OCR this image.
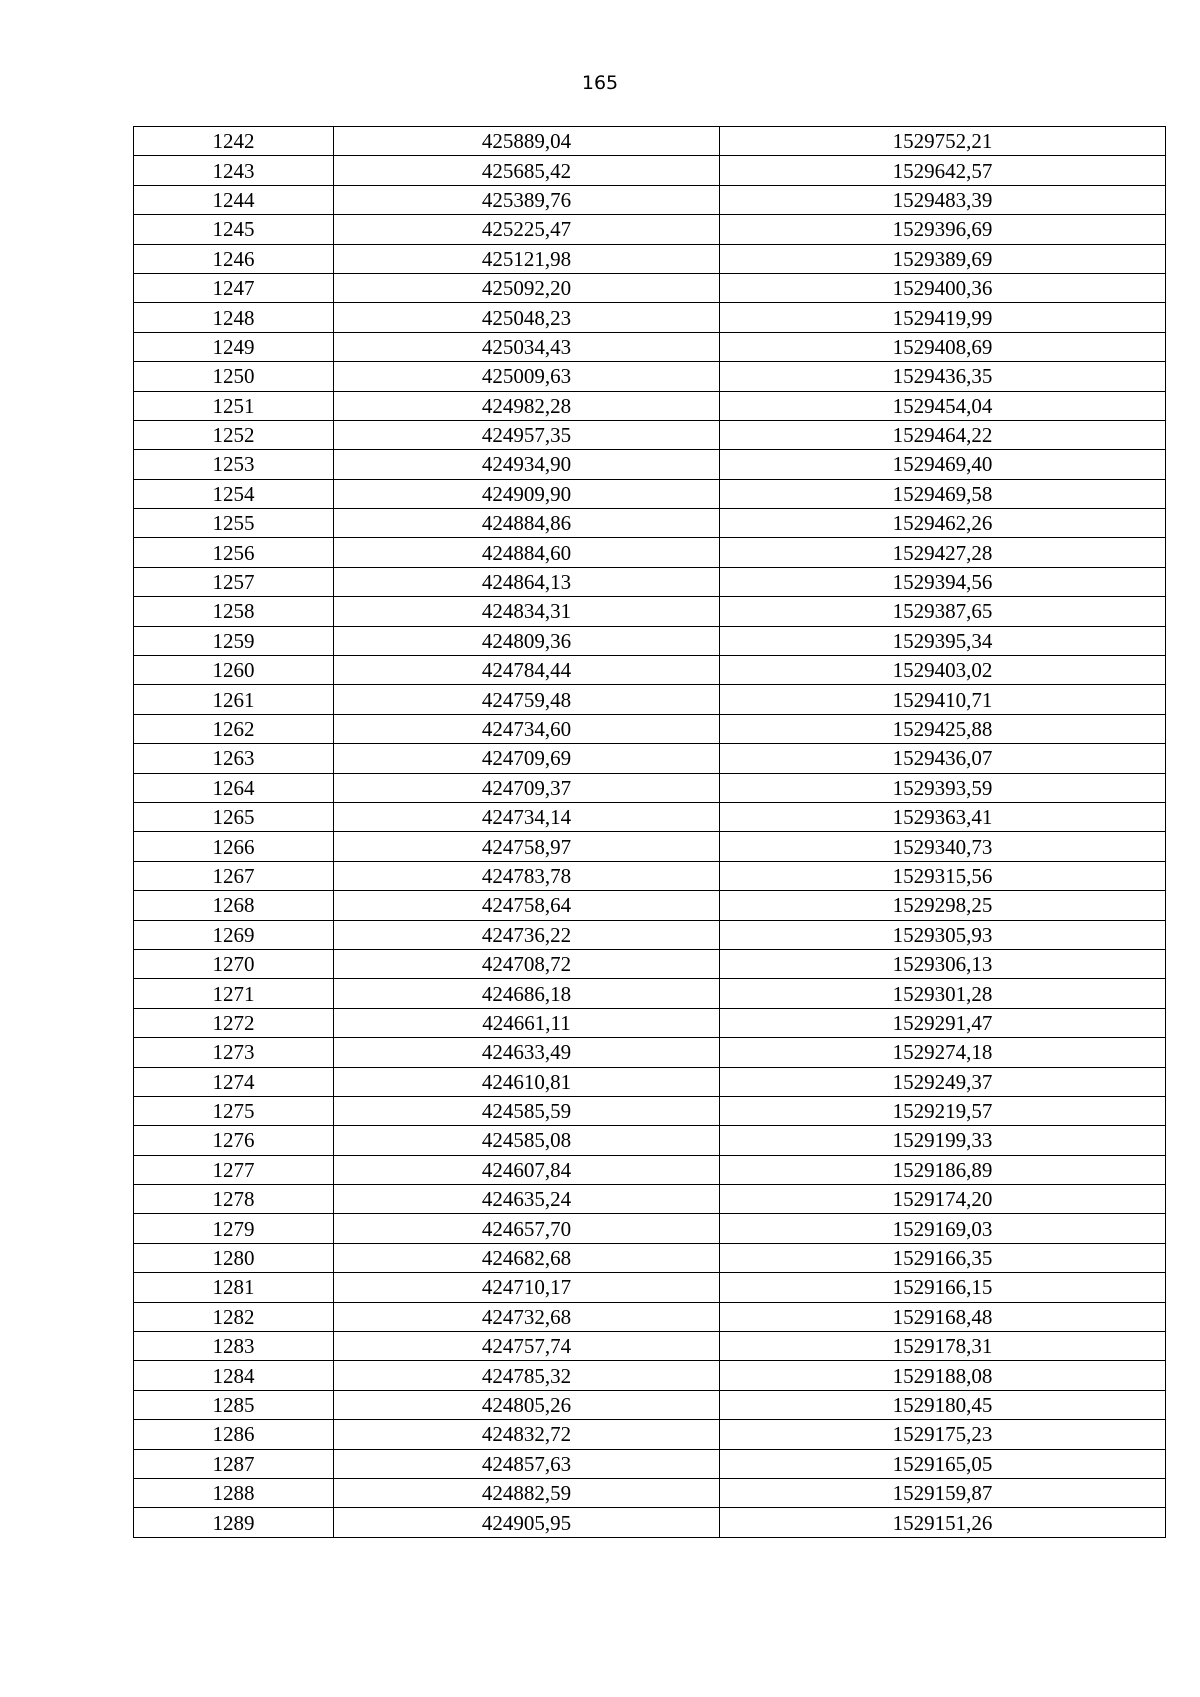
165
1242	425889,04	1529752,21
1243	425685,42	1529642,57
1244	425389,76	1529483,39
1245	425225,47	1529396,69
1246	425121,98	1529389,69
1247	425092,20	1529400,36
1248	425048,23	1529419,99
1249	425034,43	1529408,69
1250	425009,63	1529436,35
1251	424982,28	1529454,04
1252	424957,35	1529464,22
1253	424934,90	1529469,40
1254	424909,90	1529469,58
1255	424884,86	1529462,26
1256	424884,60	1529427,28
1257	424864,13	1529394,56
1258	424834,31	1529387,65
1259	424809,36	1529395,34
1260	424784,44	1529403,02
1261	424759,48	1529410,71
1262	424734,60	1529425,88
1263	424709,69	1529436,07
1264	424709,37	1529393,59
1265	424734,14	1529363,41
1266	424758,97	1529340,73
1267	424783,78	1529315,56
1268	424758,64	1529298,25
1269	424736,22	1529305,93
1270	424708,72	1529306,13
1271	424686,18	1529301,28
1272	424661,11	1529291,47
1273	424633,49	1529274,18
1274	424610,81	1529249,37
1275	424585,59	1529219,57
1276	424585,08	1529199,33
1277	424607,84	1529186,89
1278	424635,24	1529174,20
1279	424657,70	1529169,03
1280	424682,68	1529166,35
1281	424710,17	1529166,15
1282	424732,68	1529168,48
1283	424757,74	1529178,31
1284	424785,32	1529188,08
1285	424805,26	1529180,45
1286	424832,72	1529175,23
1287	424857,63	1529165,05
1288	424882,59	1529159,87
1289	424905,95	1529151,26
